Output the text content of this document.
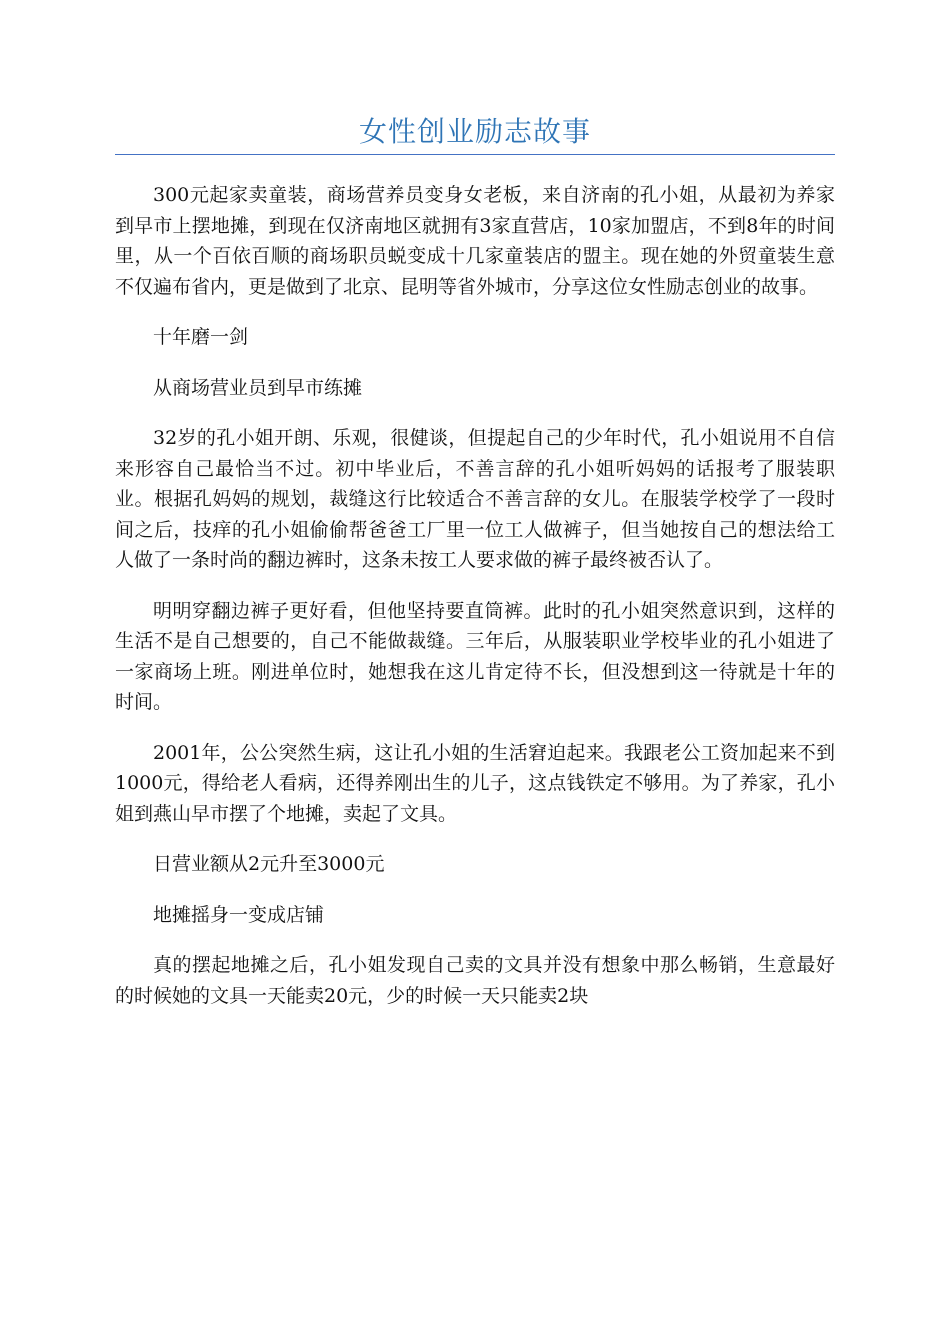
女性创业励志故事

300元起家卖童装，商场营养员变身女老板，来自济南的孔小姐，从最初为养家到早市上摆地摊，到现在仅济南地区就拥有3家直营店，10家加盟店，不到8年的时间里，从一个百依百顺的商场职员蜕变成十几家童装店的盟主。现在她的外贸童装生意不仅遍布省内，更是做到了北京、昆明等省外城市，分享这位女性励志创业的故事。

十年磨一剑

从商场营业员到早市练摊

32岁的孔小姐开朗、乐观，很健谈，但提起自己的少年时代，孔小姐说用不自信来形容自己最恰当不过。初中毕业后，不善言辞的孔小姐听妈妈的话报考了服装职业。根据孔妈妈的规划，裁缝这行比较适合不善言辞的女儿。在服装学校学了一段时间之后，技痒的孔小姐偷偷帮爸爸工厂里一位工人做裤子，但当她按自己的想法给工人做了一条时尚的翻边裤时，这条未按工人要求做的裤子最终被否认了。

明明穿翻边裤子更好看，但他坚持要直筒裤。此时的孔小姐突然意识到，这样的生活不是自己想要的，自己不能做裁缝。三年后，从服装职业学校毕业的孔小姐进了一家商场上班。刚进单位时，她想我在这儿肯定待不长，但没想到这一待就是十年的时间。

2001年，公公突然生病，这让孔小姐的生活窘迫起来。我跟老公工资加起来不到1000元，得给老人看病，还得养刚出生的儿子，这点钱铁定不够用。为了养家，孔小姐到燕山早市摆了个地摊，卖起了文具。

日营业额从2元升至3000元

地摊摇身一变成店铺

真的摆起地摊之后，孔小姐发现自己卖的文具并没有想象中那么畅销，生意最好的时候她的文具一天能卖20元，少的时候一天只能卖2块
